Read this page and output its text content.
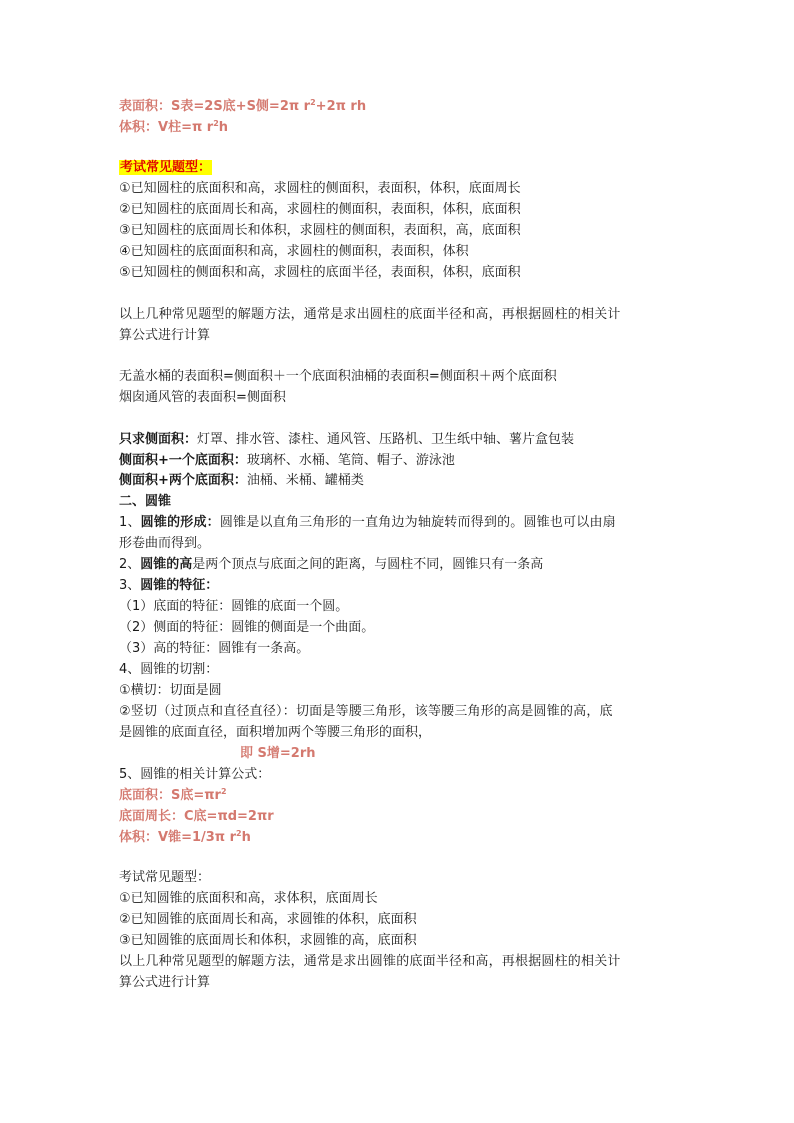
表面积：S表=2S底+S侧=2π $r^2+2\pi$ rh
体积：V柱=π $r^2h$
考试常见题型：
①已知圆柱的底面积和高，求圆柱的侧面积，表面积，体积，底面周长
②已知圆柱的底面周长和高，求圆柱的侧面积，表面积，体积，底面积
③已知圆柱的底面周长和体积，求圆柱的侧面积，表面积，高，底面积
④已知圆柱的底面面积和高，求圆柱的侧面积，表面积，体积
⑤已知圆柱的侧面积和高，求圆柱的底面半径，表面积，体积，底面积
以上几种常见题型的解题方法，通常是求出圆柱的底面半径和高，再根据圆柱的相关计
算公式进行计算
无盖水桶的表面积=侧面积＋一个底面积油桶的表面积=侧面积＋两个底面积
烟囱通风管的表面积=侧面积
只求侧面积：灯罩、排水管、漆柱、通风管、压路机、卫生纸中轴、薯片盒包装
侧面积+一个底面积：玻璃杯、水桶、笔筒、帽子、游泳池
侧面积+两个底面积：油桶、米桶、罐桶类
二、圆锥
1、圆锥的形成：圆锥是以直角三角形的一直角边为轴旋转而得到的。圆锥也可以由扇
形卷曲而得到。
2、圆锥的高是两个顶点与底面之间的距离，与圆柱不同，圆锥只有一条高
3、圆锥的特征：
（1）底面的特征：圆锥的底面一个圆。
（2）侧面的特征：圆锥的侧面是一个曲面。
（3）高的特征：圆锥有一条高。
4、圆锥的切割：
①横切：切面是圆
②竖切（过顶点和直径直径）：切面是等腰三角形，该等腰三角形的高是圆锥的高，底
是圆锥的底面直径，面积增加两个等腰三角形的面积，
即 S增=2rh
5、圆锥的相关计算公式：
底面积：S底$=\pi r^2$
底面周长：C底=πd=2πr
体积：V锥=1/3π $r^2h$
考试常见题型：
①已知圆锥的底面积和高，求体积，底面周长
②已知圆锥的底面周长和高，求圆锥的体积，底面积
③已知圆锥的底面周长和体积，求圆锥的高，底面积
以上几种常见题型的解题方法，通常是求出圆锥的底面半径和高，再根据圆柱的相关计
算公式进行计算
